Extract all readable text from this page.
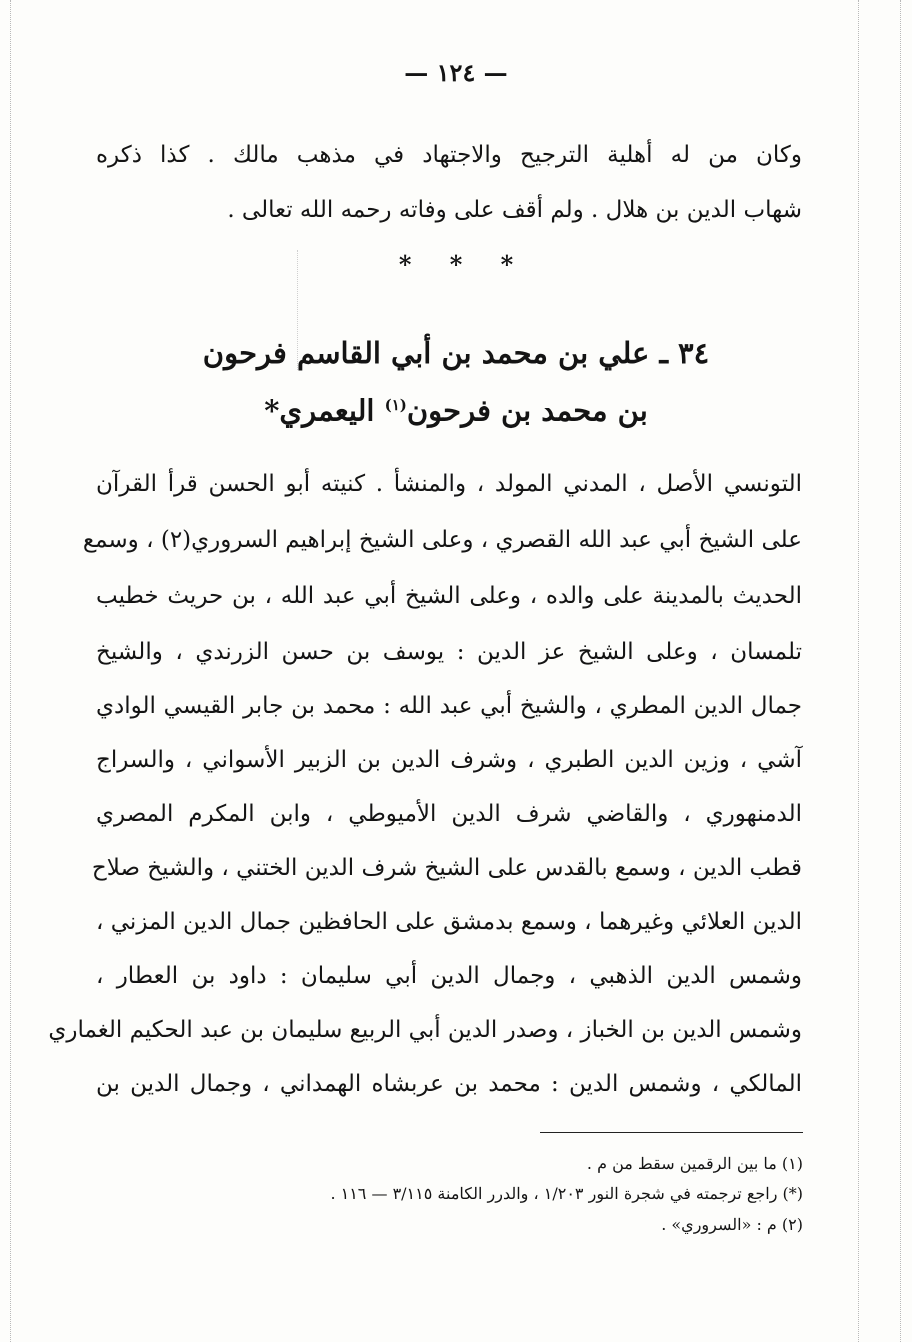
— ١٢٤ —
وكان من له أهلية الترجيح والاجتهاد في مذهب مالك . كذا ذكره
شهاب الدين بن هلال . ولم أقف على وفاته رحمه الله تعالى .
* * *
٣٤ ـ علي بن محمد بن أبي القاسم فرحون
بن محمد بن فرحون$^{(١)}$ اليعمري*
التونسي الأصل ، المدني المولد ، والمنشأ . كنيته أبو الحسن قرأ القرآن
على الشيخ أبي عبد الله القصري ، وعلى الشيخ إبراهيم السروري(٢) ، وسمع
الحديث بالمدينة على والده ، وعلى الشيخ أبي عبد الله ، بن حريث خطيب
تلمسان ، وعلى الشيخ عز الدين : يوسف بن حسن الزرندي ، والشيخ
جمال الدين المطري ، والشيخ أبي عبد الله : محمد بن جابر القيسي الوادي
آشي ، وزين الدين الطبري ، وشرف الدين بن الزبير الأسواني ، والسراج
الدمنهوري ، والقاضي شرف الدين الأميوطي ، وابن المكرم المصري
قطب الدين ، وسمع بالقدس على الشيخ شرف الدين الختني ، والشيخ صلاح
الدين العلائي وغيرهما ، وسمع بدمشق على الحافظين جمال الدين المزني ،
وشمس الدين الذهبي ، وجمال الدين أبي سليمان : داود بن العطار ،
وشمس الدين بن الخباز ، وصدر الدين أبي الربيع سليمان بن عبد الحكيم الغماري
المالكي ، وشمس الدين : محمد بن عربشاه الهمداني ، وجمال الدين بن
(١) ما بين الرقمين سقط من م .
(*) راجع ترجمته في شجرة النور ١/٢٠٣ ، والدرر الكامنة ٣/١١٥ — ١١٦ .
(٢) م : «السروري» .
